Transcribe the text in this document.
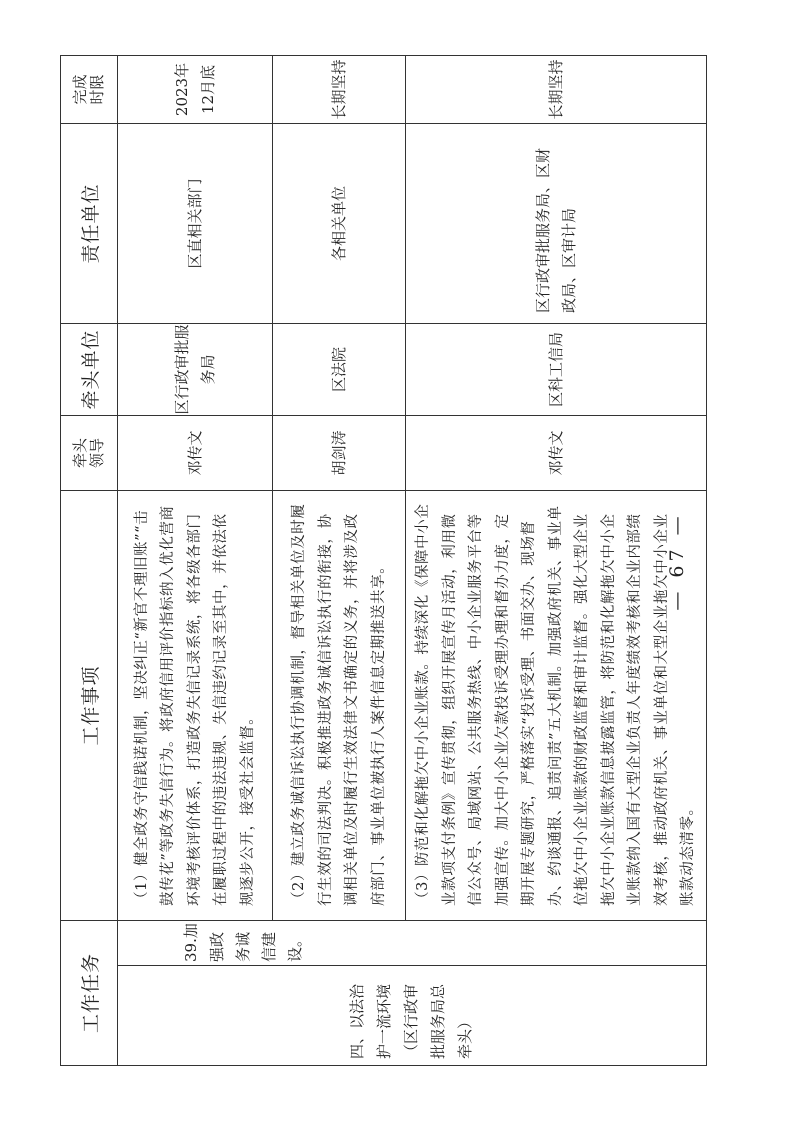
工作任务		工作事项	牵头 领导	牵头单位	责任单位	完成 时限

四、以法治护一流环境（区行政审批服务局总牵头）	39.加强政务诚信建设。	（1）健全政务守信践诺机制，坚决纠正“新官不理旧账”“击鼓传花”等政务失信行为。将政府信用评价指标纳入优化营商环境考核评价体系，打造政务失信记录系统，将各级各部门在履职过程中的违法违规、失信违约记录至其中，并依法依规逐步公开，接受社会监督。	邓传文	区行政审批服务局	区直相关部门	2023年12月底
		（2）建立政务诚信诉讼执行协调机制，督导相关单位及时履行生效的司法判决。积极推进政务诚信诉讼执行的衔接，协调相关单位及时履行生效法律文书确定的义务，并将涉及政府部门、事业单位被执行人案件信息定期推送共享。	胡剑涛	区法院	各相关单位	长期坚持
		（3）防范和化解拖欠中小企业账款。持续深化《保障中小企业款项支付条例》宣传贯彻，组织开展宣传月活动，利用微信公众号、局域网站、公共服务热线、中小企业服务平台等加强宣传。加大中小企业欠款投诉受理办理和督办力度，定期开展专题研究，严格落实“投诉受理、书面交办、现场督办、约谈通报、追责问责”五大机制。加强政府机关、事业单位拖欠中小企业账款的财政监督和审计监督。强化大型企业拖欠中小企业账款信息披露监管，将防范和化解拖欠中小企业账款纳入国有大型企业负责人年度绩效考核和企业内部绩效考核，推动政府机关、事业单位和大型企业拖欠中小企业账款动态清零。	邓传文	区科工信局	区行政审批服务局、区财政局、区审计局	长期坚持
— 67 —
